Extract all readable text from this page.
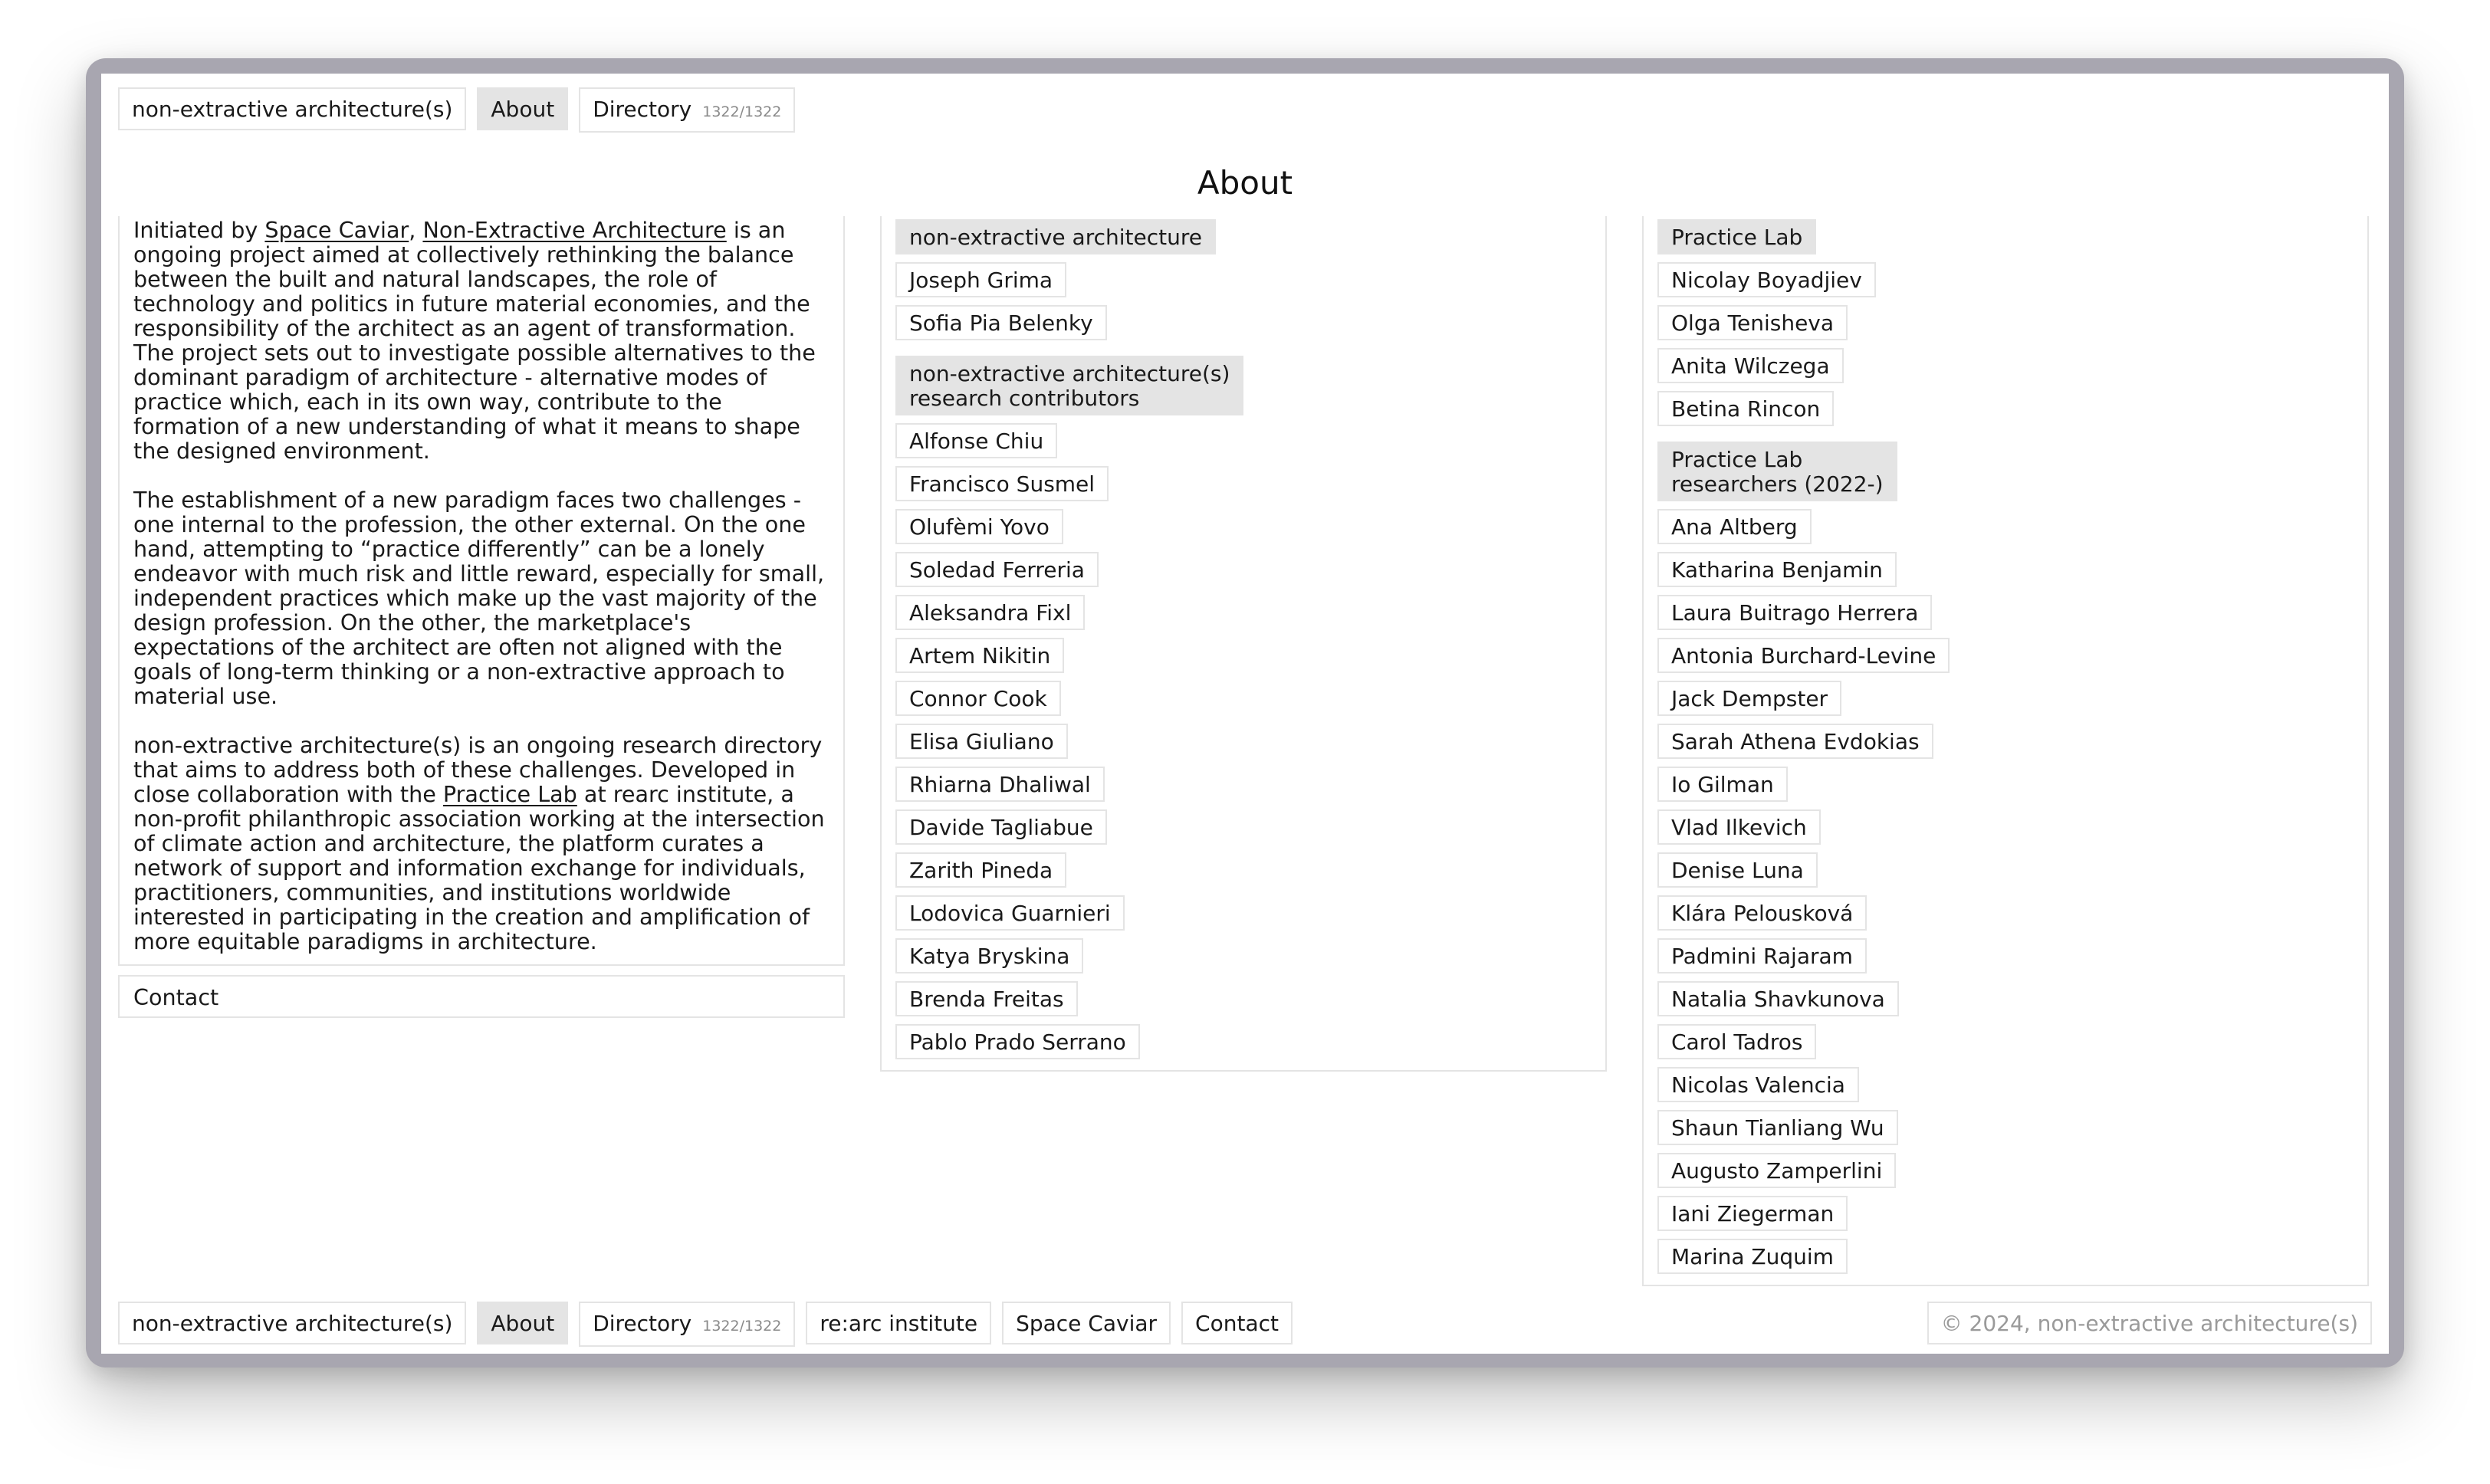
non-extractive architecture(s)	About	Directory 1322/1322
About

Initiated by Space Caviar, Non-Extractive Architecture is an ongoing project aimed at collectively rethinking the balance between the built and natural landscapes, the role of technology and politics in future material economies, and the responsibility of the architect as an agent of transformation. The project sets out to investigate possible alternatives to the dominant paradigm of architecture - alternative modes of practice which, each in its own way, contribute to the formation of a new understanding of what it means to shape the designed environment.

The establishment of a new paradigm faces two challenges - one internal to the profession, the other external. On the one hand, attempting to “practice differently” can be a lonely endeavor with much risk and little reward, especially for small, independent practices which make up the vast majority of the design profession. On the other, the marketplace's expectations of the architect are often not aligned with the goals of long-term thinking or a non-extractive approach to material use.

non-extractive architecture(s) is an ongoing research directory that aims to address both of these challenges. Developed in close collaboration with the Practice Lab at rearc institute, a non-profit philanthropic association working at the intersection of climate action and architecture, the platform curates a network of support and information exchange for individuals, practitioners, communities, and institutions worldwide interested in participating in the creation and amplification of more equitable paradigms in architecture.

Contact
non-extractive architecture
Joseph Grima
Sofia Pia Belenky
non-extractive architecture(s)
research contributors
Alfonse Chiu
Francisco Susmel
Olufèmi Yovo
Soledad Ferreria
Aleksandra Fixl
Artem Nikitin
Connor Cook
Elisa Giuliano
Rhiarna Dhaliwal
Davide Tagliabue
Zarith Pineda
Lodovica Guarnieri
Katya Bryskina
Brenda Freitas
Pablo Prado Serrano
Practice Lab
Nicolay Boyadjiev
Olga Tenisheva
Anita Wilczega
Betina Rincon
Practice Lab
researchers (2022-)
Ana Altberg
Katharina Benjamin
Laura Buitrago Herrera
Antonia Burchard-Levine
Jack Dempster
Sarah Athena Evdokias
Io Gilman
Vlad Ilkevich
Denise Luna
Klára Pelousková
Padmini Rajaram
Natalia Shavkunova
Carol Tadros
Nicolas Valencia
Shaun Tianliang Wu
Augusto Zamperlini
Iani Ziegerman
Marina Zuquim
non-extractive architecture(s)	About	Directory 1322/1322	re:arc institute	Space Caviar	Contact	© 2024, non-extractive architecture(s)
